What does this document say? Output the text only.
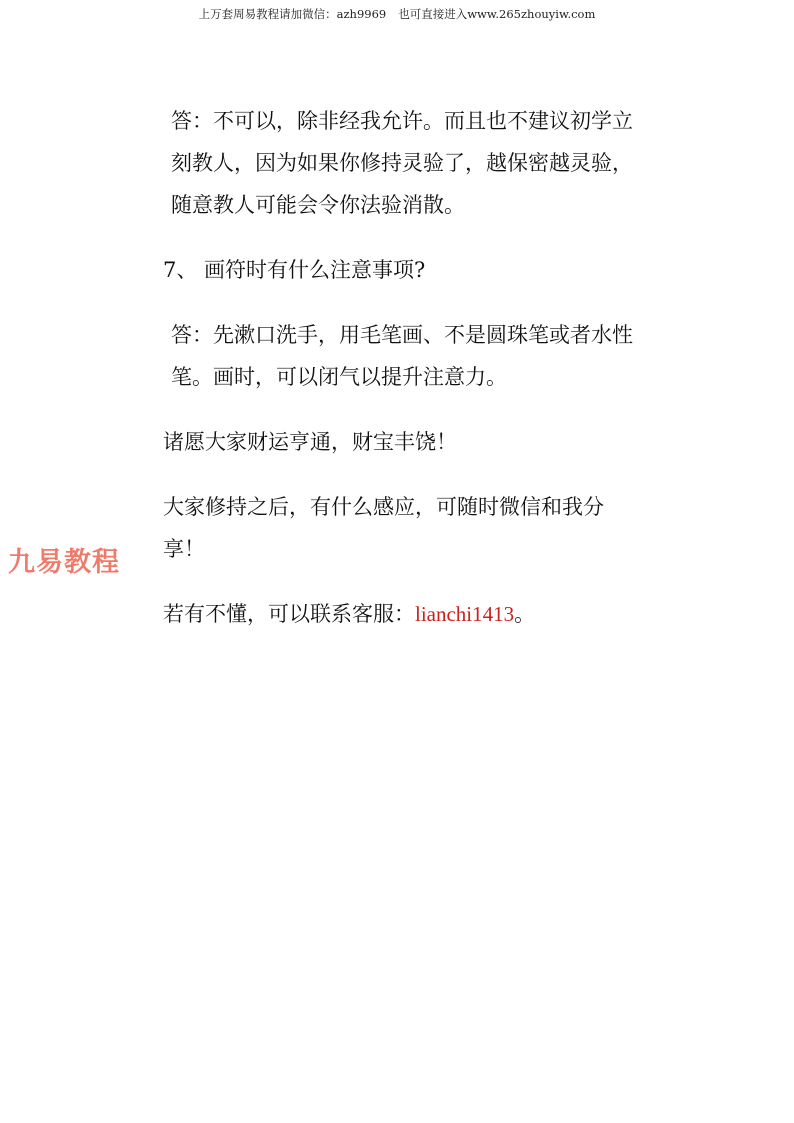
上万套周易教程请加微信：azh9969 也可直接进入www.265zhouyiw.com

答：不可以，除非经我允许。而且也不建议初学立刻教人，因为如果你修持灵验了，越保密越灵验，随意教人可能会令你法验消散。

7、 画符时有什么注意事项?

答：先漱口洗手，用毛笔画、不是圆珠笔或者水性笔。画时，可以闭气以提升注意力。

诸愿大家财运亨通，财宝丰饶！

大家修持之后，有什么感应，可随时微信和我分享！

若有不懂，可以联系客服：lianchi1413。

九易教程
